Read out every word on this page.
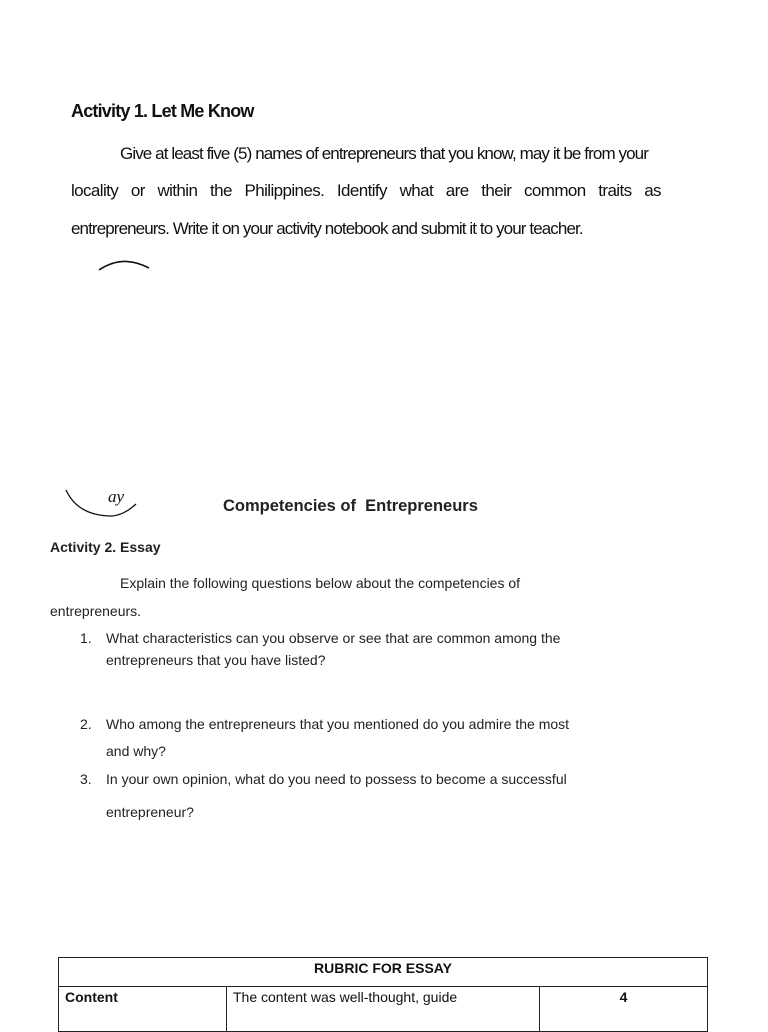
Activity 1. Let Me Know
Give at least five (5) names of entrepreneurs that you know, may it be from your
locality or within the Philippines. Identify what are their common traits as
entrepreneurs. Write it on your activity notebook and submit it to your teacher.
ay	Competencies of  Entrepreneurs
Activity 2. Essay
Explain the following questions below about the competencies of
entrepreneurs.
1. What characteristics can you observe or see that are common among the
entrepreneurs that you have listed?
2. Who among the entrepreneurs that you mentioned do you admire the most
and why?
3. In your own opinion, what do you need to possess to become a successful
entrepreneur?
RUBRIC FOR ESSAY
Content	The content was well-thought, guide	4
